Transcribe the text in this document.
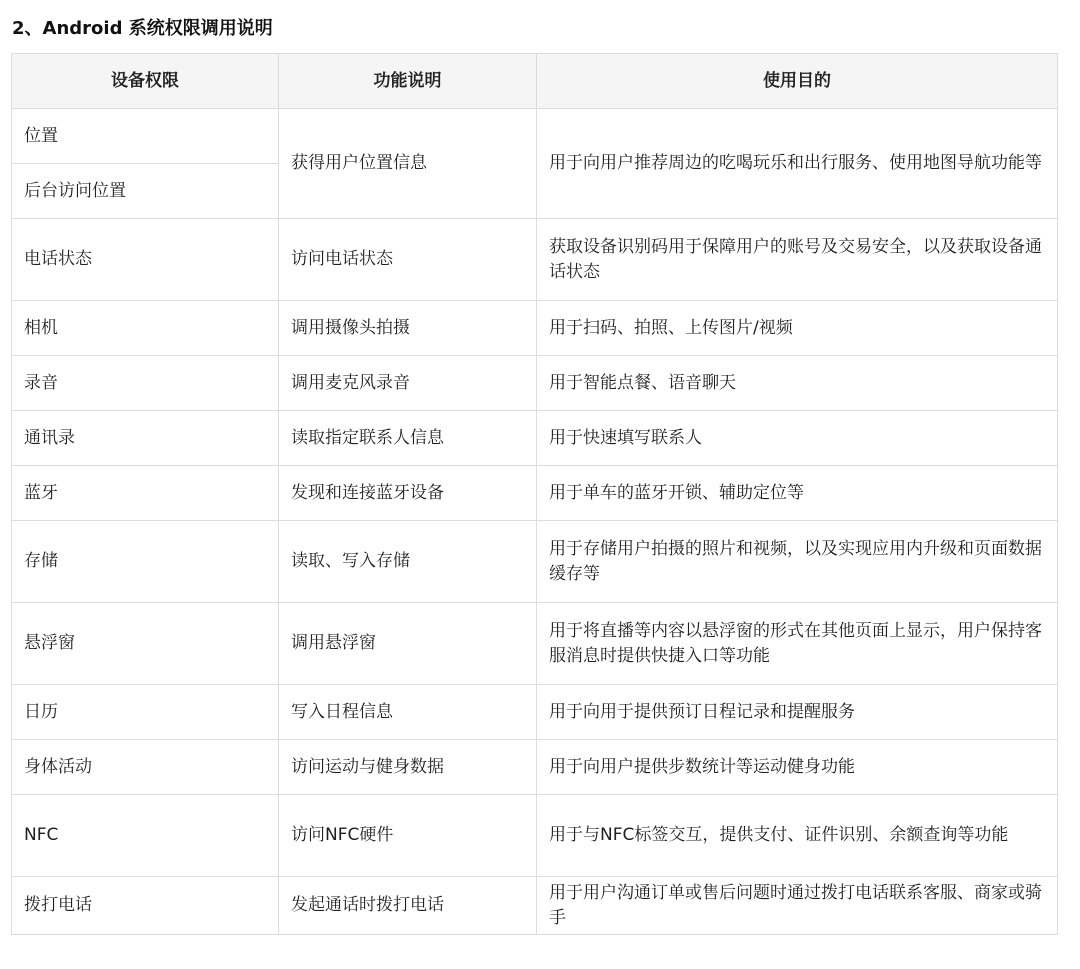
2、Android 系统权限调用说明
设备权限	功能说明	使用目的
位置	获得用户位置信息	用于向用户推荐周边的吃喝玩乐和出行服务、使用地图导航功能等
后台访问位置		
电话状态	访问电话状态	获取设备识别码用于保障用户的账号及交易安全，以及获取设备通话状态
相机	调用摄像头拍摄	用于扫码、拍照、上传图片/视频
录音	调用麦克风录音	用于智能点餐、语音聊天
通讯录	读取指定联系人信息	用于快速填写联系人
蓝牙	发现和连接蓝牙设备	用于单车的蓝牙开锁、辅助定位等
存储	读取、写入存储	用于存储用户拍摄的照片和视频，以及实现应用内升级和页面数据缓存等
悬浮窗	调用悬浮窗	用于将直播等内容以悬浮窗的形式在其他页面上显示，用户保持客服消息时提供快捷入口等功能
日历	写入日程信息	用于向用于提供预订日程记录和提醒服务
身体活动	访问运动与健身数据	用于向用户提供步数统计等运动健身功能
NFC	访问NFC硬件	用于与NFC标签交互，提供支付、证件识别、余额查询等功能
拨打电话	发起通话时拨打电话	用于用户沟通订单或售后问题时通过拨打电话联系客服、商家或骑手
